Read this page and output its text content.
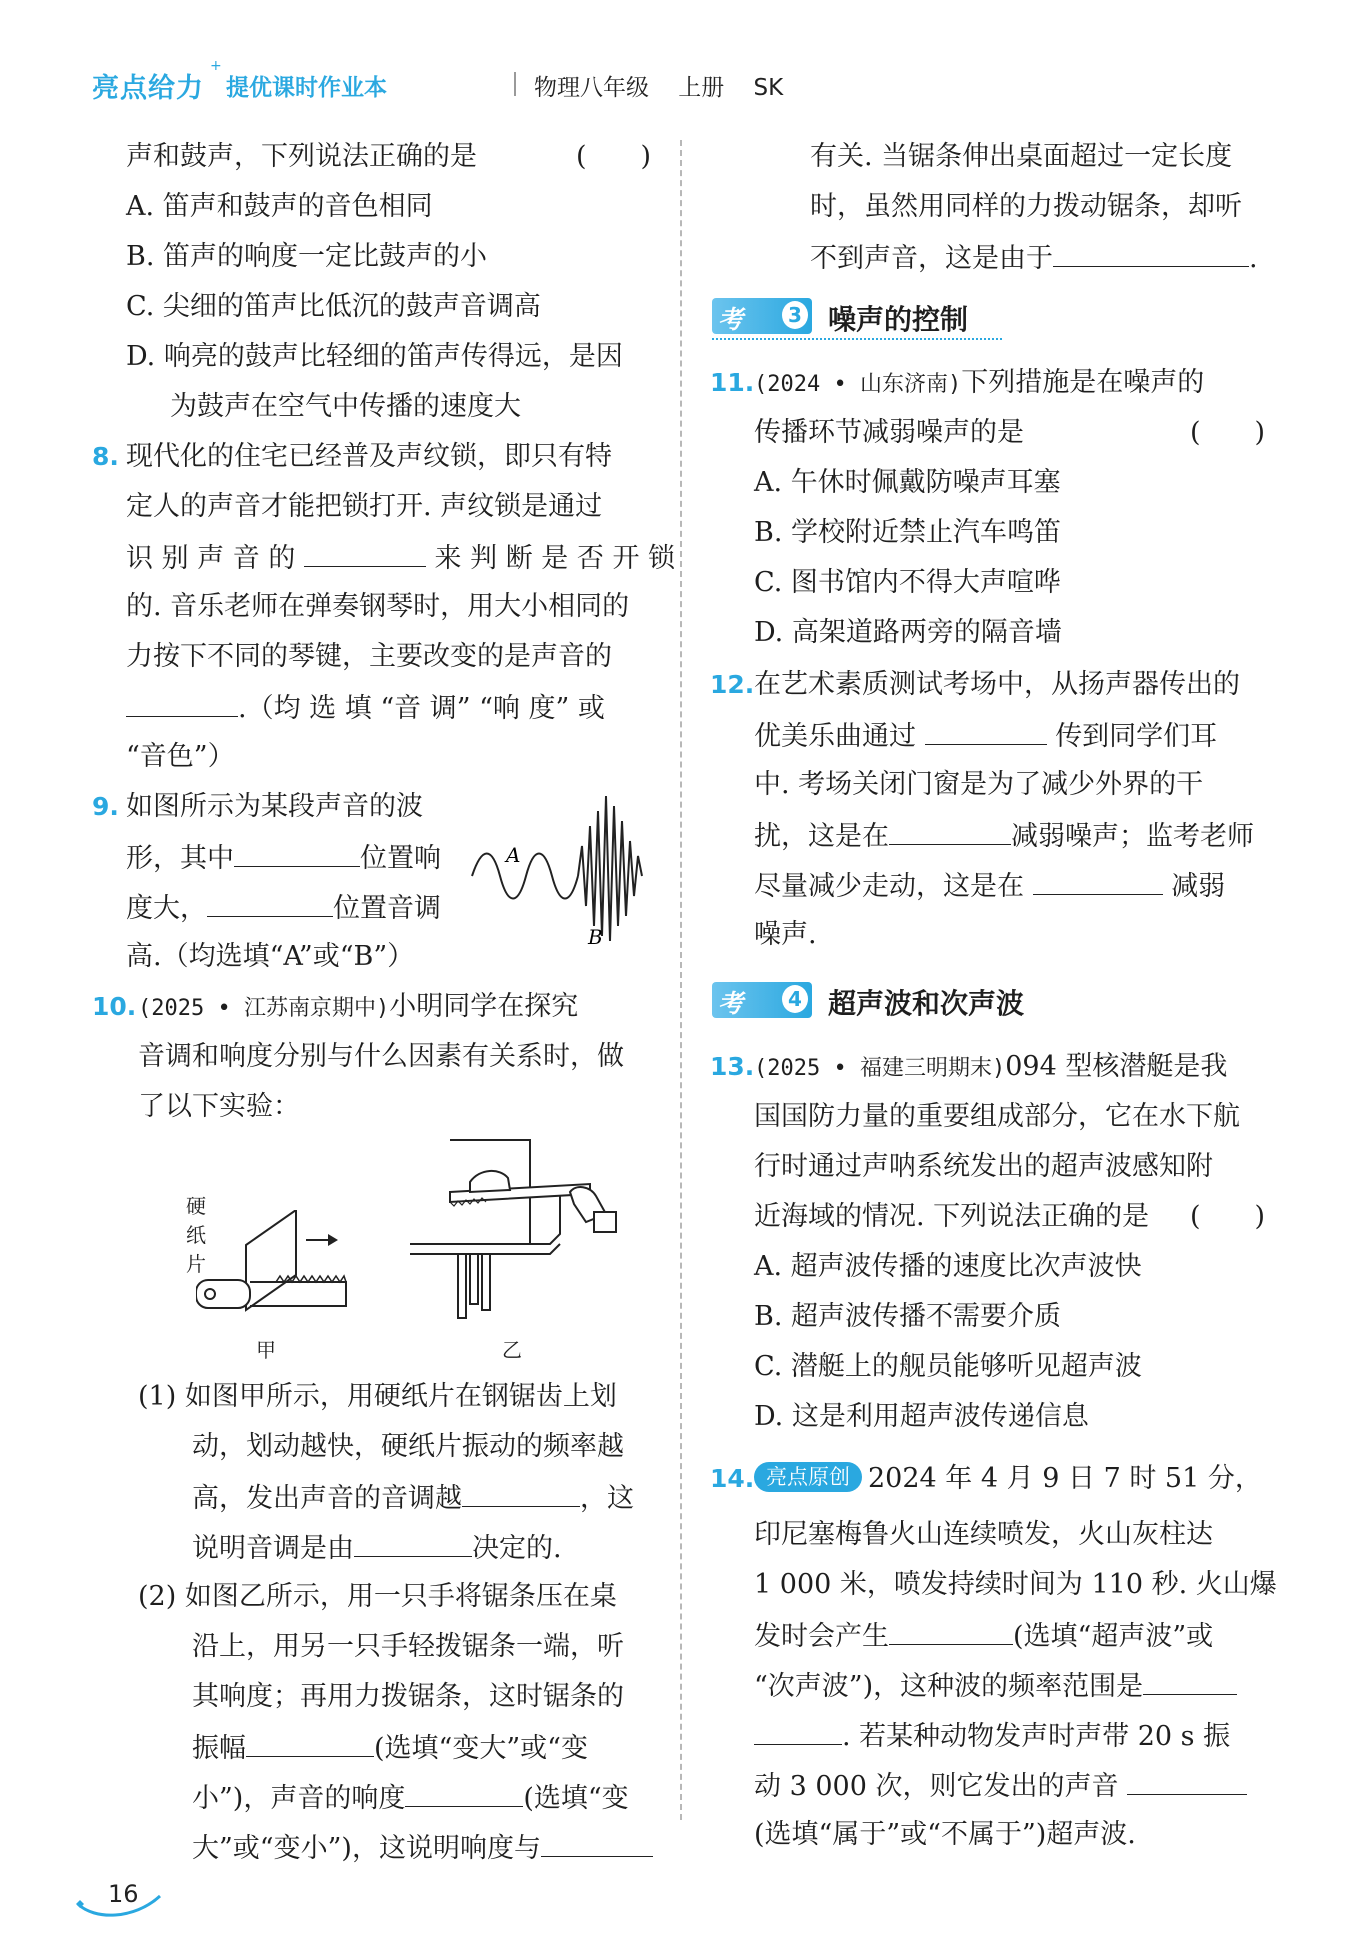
亮点给力
+
提优课时作业本	物理八年级 上册 SK
声和鼓声，下列说法正确的是	(　　)
A. 笛声和鼓声的音色相同
B. 笛声的响度一定比鼓声的小
C. 尖细的笛声比低沉的鼓声音调高
D. 响亮的鼓声比轻细的笛声传得远，是因
为鼓声在空气中传播的速度大
8. 现代化的住宅已经普及声纹锁，即只有特
定人的声音才能把锁打开. 声纹锁是通过
识 别 声 音 的	来 判 断 是 否 开 锁
的. 音乐老师在弹奏钢琴时，用大小相同的
力按下不同的琴键，主要改变的是声音的
.（均 选 填 “音 调” “响 度” 或
“音色”）
9. 如图所示为某段声音的波
形，其中	位置响
度大，	位置音调
高.（均选填“A”或“B”）
A
B
10. (2025 • 江苏南京期中)小明同学在探究
音调和响度分别与什么因素有关系时，做
了以下实验：
硬纸片
甲	乙
(1) 如图甲所示，用硬纸片在钢锯齿上划
动，划动越快，硬纸片振动的频率越
高，发出声音的音调越	，这
说明音调是由	决定的.
(2) 如图乙所示，用一只手将锯条压在桌
沿上，用另一只手轻拨锯条一端，听
其响度；再用力拨锯条，这时锯条的
振幅	(选填“变大”或“变
小”)，声音的响度	(选填“变
大”或“变小”)，这说明响度与
16
有关. 当锯条伸出桌面超过一定长度
时，虽然用同样的力拨动锯条，却听
不到声音，这是由于	.
考点
3 噪声的控制
11. (2024 • 山东济南)下列措施是在噪声的
传播环节减弱噪声的是	(　　)
A. 午休时佩戴防噪声耳塞
B. 学校附近禁止汽车鸣笛
C. 图书馆内不得大声喧哗
D. 高架道路两旁的隔音墙
12. 在艺术素质测试考场中，从扬声器传出的
优美乐曲通过	传到同学们耳
中. 考场关闭门窗是为了减少外界的干
扰，这是在	减弱噪声；监考老师
尽量减少走动，这是在	减弱
噪声.
考点
4 超声波和次声波
13. (2025 • 福建三明期末)094 型核潜艇是我
国国防力量的重要组成部分，它在水下航
行时通过声呐系统发出的超声波感知附
近海域的情况. 下列说法正确的是 (　　)
A. 超声波传播的速度比次声波快
B. 超声波传播不需要介质
C. 潜艇上的舰员能够听见超声波
D. 这是利用超声波传递信息
14. 亮点原创 2024 年 4 月 9 日 7 时 51 分，
印尼塞梅鲁火山连续喷发，火山灰柱达
1 000 米，喷发持续时间为 110 秒. 火山爆
发时会产生	(选填“超声波”或
“次声波”)，这种波的频率范围是
. 若某种动物发声时声带 20 s 振
动 3 000 次，则它发出的声音
(选填“属于”或“不属于”)超声波.
